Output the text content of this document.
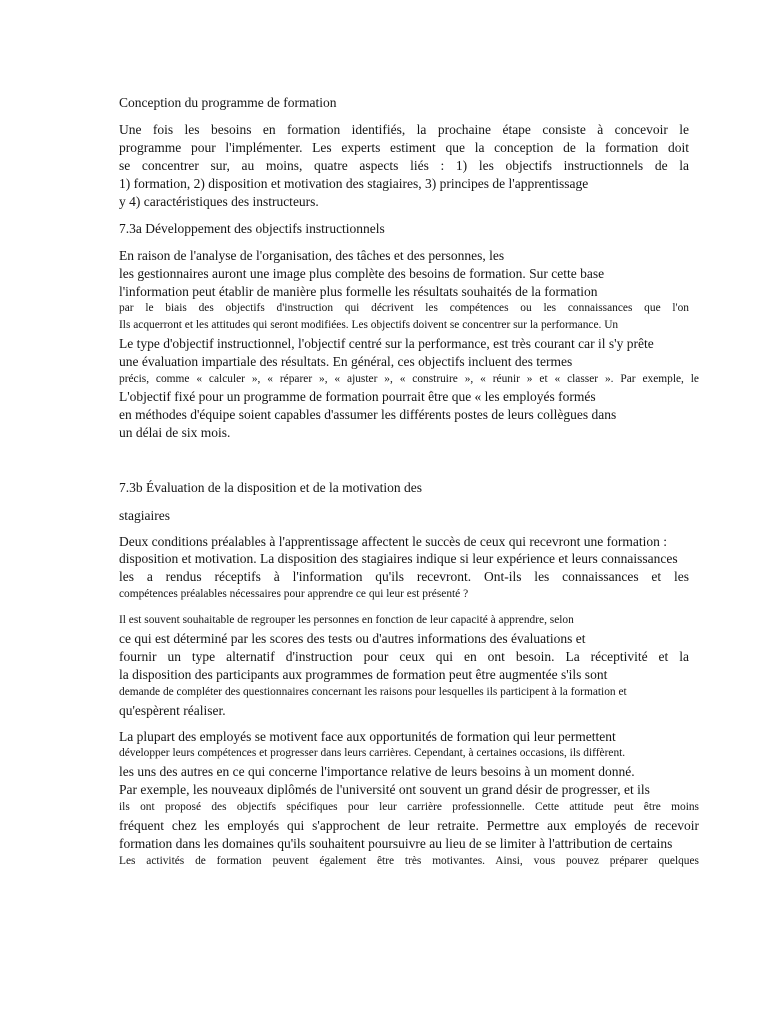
Conception du programme de formation
Une fois les besoins en formation identifiés, la prochaine étape consiste à concevoir le
programme pour l'implémenter. Les experts estiment que la conception de la formation doit
se concentrer sur, au moins, quatre aspects liés : 1) les objectifs instructionnels de la
1) formation, 2) disposition et motivation des stagiaires, 3) principes de l'apprentissage
y 4) caractéristiques des instructeurs.
7.3a Développement des objectifs instructionnels
En raison de l'analyse de l'organisation, des tâches et des personnes, les
les gestionnaires auront une image plus complète des besoins de formation. Sur cette base
l'information peut établir de manière plus formelle les résultats souhaités de la formation
par le biais des objectifs d'instruction qui décrivent les compétences ou les connaissances que l'on
Ils acquerront et les attitudes qui seront modifiées. Les objectifs doivent se concentrer sur la performance. Un
Le type d'objectif instructionnel, l'objectif centré sur la performance, est très courant car il s'y prête
une évaluation impartiale des résultats. En général, ces objectifs incluent des termes
précis, comme « calculer », « réparer », « ajuster », « construire », « réunir » et « classer ». Par exemple, le
L'objectif fixé pour un programme de formation pourrait être que « les employés formés
en méthodes d'équipe soient capables d'assumer les différents postes de leurs collègues dans
un délai de six mois.
7.3b Évaluation de la disposition et de la motivation des
stagiaires
Deux conditions préalables à l'apprentissage affectent le succès de ceux qui recevront une formation :
disposition et motivation. La disposition des stagiaires indique si leur expérience et leurs connaissances
les a rendus réceptifs à l'information qu'ils recevront. Ont-ils les connaissances et les
compétences préalables nécessaires pour apprendre ce qui leur est présenté ?
Il est souvent souhaitable de regrouper les personnes en fonction de leur capacité à apprendre, selon
ce qui est déterminé par les scores des tests ou d'autres informations des évaluations et
fournir un type alternatif d'instruction pour ceux qui en ont besoin. La réceptivité et la
la disposition des participants aux programmes de formation peut être augmentée s'ils sont
demande de compléter des questionnaires concernant les raisons pour lesquelles ils participent à la formation et
qu'espèrent réaliser.
La plupart des employés se motivent face aux opportunités de formation qui leur permettent
développer leurs compétences et progresser dans leurs carrières. Cependant, à certaines occasions, ils diffèrent.
les uns des autres en ce qui concerne l'importance relative de leurs besoins à un moment donné.
Par exemple, les nouveaux diplômés de l'université ont souvent un grand désir de progresser, et ils
ils ont proposé des objectifs spécifiques pour leur carrière professionnelle. Cette attitude peut être moins
fréquent chez les employés qui s'approchent de leur retraite. Permettre aux employés de recevoir
formation dans les domaines qu'ils souhaitent poursuivre au lieu de se limiter à l'attribution de certains
Les activités de formation peuvent également être très motivantes. Ainsi, vous pouvez préparer quelques
